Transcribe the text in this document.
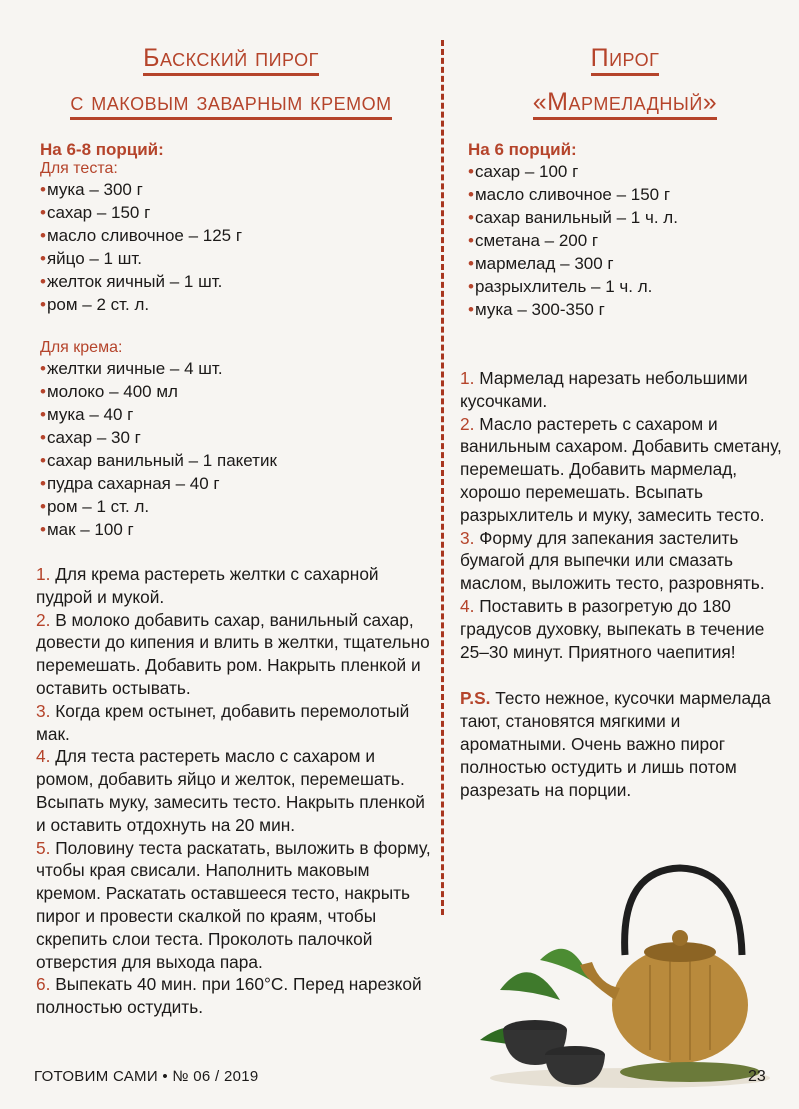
Баскский пирог
с маковым заварным кремом

На 6-8 порций:

Для теста:

• мука – 300 г
• сахар – 150 г
• масло сливочное – 125 г
• яйцо – 1 шт.
• желток яичный – 1 шт.
• ром – 2 ст. л.

Для крема:

• желтки яичные – 4 шт.
• молоко – 400 мл
• мука – 40 г
• сахар – 30 г
• сахар ванильный – 1 пакетик
• пудра сахарная – 40 г
• ром – 1 ст. л.
• мак – 100 г

1. Для крема растереть желтки с сахарной пудрой и мукой.

2. В молоко добавить сахар, ванильный сахар, довести до кипения и влить в желтки, тщательно перемешать. Добавить ром. Накрыть пленкой и оставить остывать.

3. Когда крем остынет, добавить перемолотый мак.

4. Для теста растереть масло с сахаром и ромом, добавить яйцо и желток, перемешать. Всыпать муку, замесить тесто. Накрыть пленкой и оставить отдохнуть на 20 мин.

5. Половину теста раскатать, выложить в форму, чтобы края свисали. Наполнить маковым кремом. Раскатать оставшееся тесто, накрыть пирог и провести скалкой по краям, чтобы скрепить слои теста. Проколоть палочкой отверстия для выхода пара.

6. Выпекать 40 мин. при 160°С. Перед нарезкой полностью остудить.

Пирог
«Мармеладный»

На 6 порций:

• сахар – 100 г
• масло сливочное – 150 г
• сахар ванильный – 1 ч. л.
• сметана – 200 г
• мармелад – 300 г
• разрыхлитель – 1 ч. л.
• мука – 300-350 г

1. Мармелад нарезать небольшими кусочками.

2. Масло растереть с сахаром и ванильным сахаром. Добавить сметану, перемешать. Добавить мармелад, хорошо перемешать. Всыпать разрыхлитель и муку, замесить тесто.

3. Форму для запекания застелить бумагой для выпечки или смазать маслом, выложить тесто, разровнять.

4. Поставить в разогретую до 180 градусов духовку, выпекать в течение 25–30 минут. Приятного чаепития!

P.S. Тесто нежное, кусочки мармелада тают, становятся мягкими и ароматными. Очень важно пирог полностью остудить и лишь потом разрезать на порции.

ГОТОВИМ САМИ • № 06 / 2019	23
